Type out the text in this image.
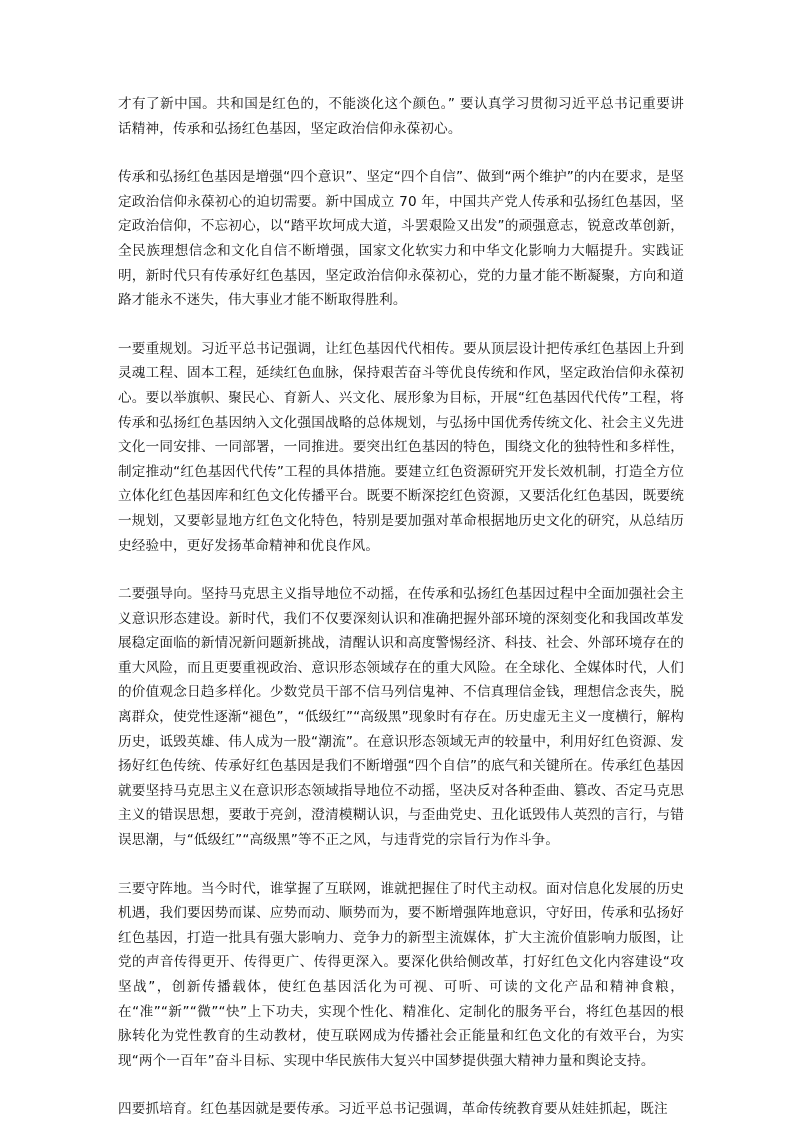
才有了新中国。共和国是红色的，不能淡化这个颜色。” 要认真学习贯彻习近平总书记重要讲话精神，传承和弘扬红色基因，坚定政治信仰永葆初心。

传承和弘扬红色基因是增强“四个意识”、坚定“四个自信”、做到“两个维护”的内在要求，是坚定政治信仰永葆初心的迫切需要。新中国成立 70 年，中国共产党人传承和弘扬红色基因，坚定政治信仰，不忘初心，以“踏平坎坷成大道，斗罢艰险又出发”的顽强意志，锐意改革创新，全民族理想信念和文化自信不断增强，国家文化软实力和中华文化影响力大幅提升。实践证明，新时代只有传承好红色基因，坚定政治信仰永葆初心，党的力量才能不断凝聚，方向和道路才能永不迷失，伟大事业才能不断取得胜利。

一要重规划。习近平总书记强调，让红色基因代代相传。要从顶层设计把传承红色基因上升到灵魂工程、固本工程，延续红色血脉，保持艰苦奋斗等优良传统和作风，坚定政治信仰永葆初心。要以举旗帜、聚民心、育新人、兴文化、展形象为目标，开展“红色基因代代传”工程，将传承和弘扬红色基因纳入文化强国战略的总体规划，与弘扬中国优秀传统文化、社会主义先进文化一同安排、一同部署，一同推进。要突出红色基因的特色，围绕文化的独特性和多样性，制定推动“红色基因代代传”工程的具体措施。要建立红色资源研究开发长效机制，打造全方位立体化红色基因库和红色文化传播平台。既要不断深挖红色资源，又要活化红色基因，既要统一规划，又要彰显地方红色文化特色，特别是要加强对革命根据地历史文化的研究，从总结历史经验中，更好发扬革命精神和优良作风。

二要强导向。坚持马克思主义指导地位不动摇，在传承和弘扬红色基因过程中全面加强社会主义意识形态建设。新时代，我们不仅要深刻认识和准确把握外部环境的深刻变化和我国改革发展稳定面临的新情况新问题新挑战，清醒认识和高度警惕经济、科技、社会、外部环境存在的重大风险，而且更要重视政治、意识形态领域存在的重大风险。在全球化、全媒体时代，人们的价值观念日趋多样化。少数党员干部不信马列信鬼神、不信真理信金钱，理想信念丧失，脱离群众，使党性逐渐“褪色”，“低级红”“高级黑”现象时有存在。历史虚无主义一度横行，解构历史，诋毁英雄、伟人成为一股“潮流”。在意识形态领域无声的较量中，利用好红色资源、发扬好红色传统、传承好红色基因是我们不断增强“四个自信”的底气和关键所在。传承红色基因就要坚持马克思主义在意识形态领域指导地位不动摇，坚决反对各种歪曲、篡改、否定马克思主义的错误思想，要敢于亮剑，澄清模糊认识，与歪曲党史、丑化诋毁伟人英烈的言行，与错误思潮，与“低级红”“高级黑”等不正之风，与违背党的宗旨行为作斗争。

三要守阵地。当今时代，谁掌握了互联网，谁就把握住了时代主动权。面对信息化发展的历史机遇，我们要因势而谋、应势而动、顺势而为，要不断增强阵地意识，守好田，传承和弘扬好红色基因，打造一批具有强大影响力、竞争力的新型主流媒体，扩大主流价值影响力版图，让党的声音传得更开、传得更广、传得更深入。要深化供给侧改革，打好红色文化内容建设“攻坚战”，创新传播载体，使红色基因活化为可视、可听、可读的文化产品和精神食粮，在“准”“新”“微”“快”上下功夫，实现个性化、精准化、定制化的服务平台，将红色基因的根脉转化为党性教育的生动教材，使互联网成为传播社会正能量和红色文化的有效平台，为实现“两个一百年”奋斗目标、实现中华民族伟大复兴中国梦提供强大精神力量和舆论支持。

四要抓培育。红色基因就是要传承。习近平总书记强调，革命传统教育要从娃娃抓起，既注
